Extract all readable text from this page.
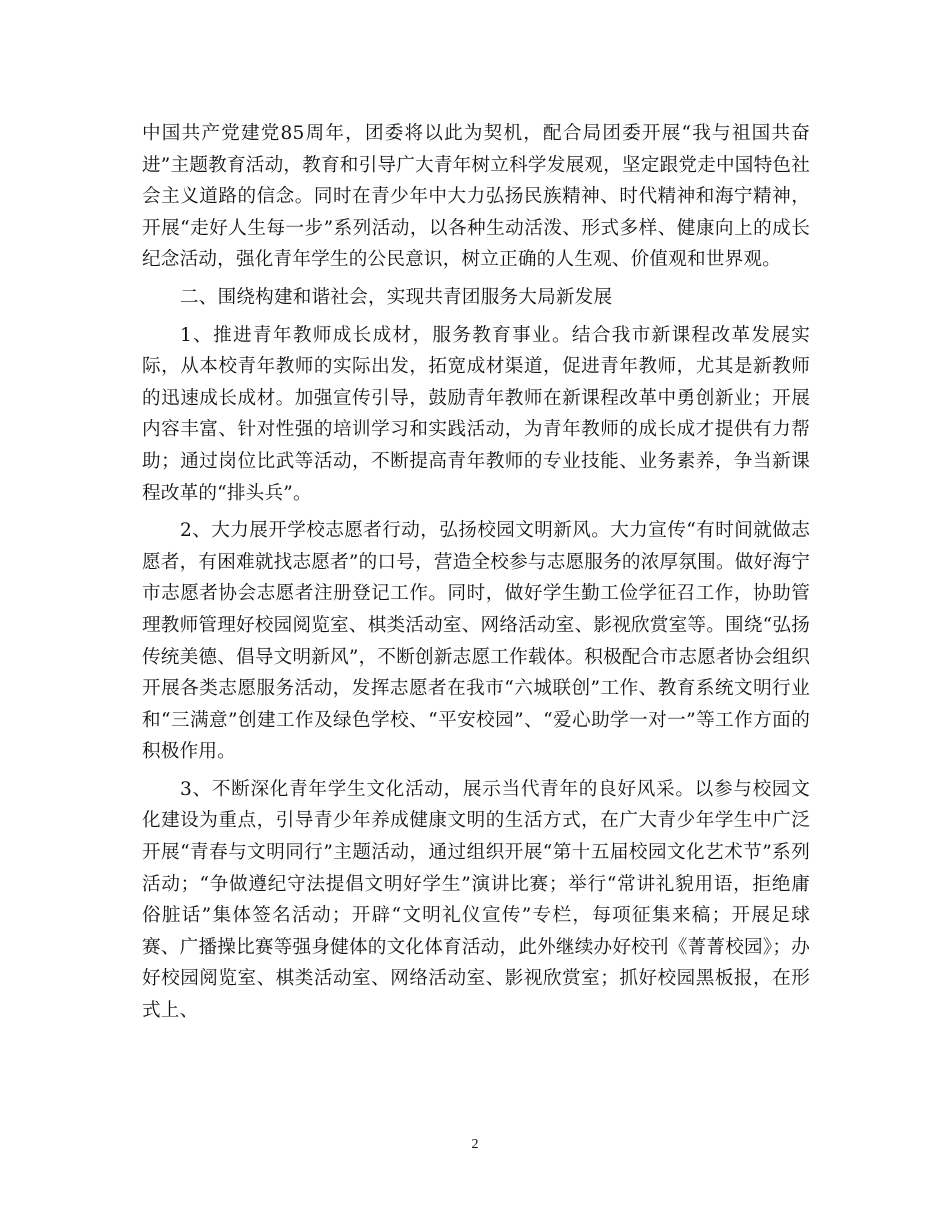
中国共产党建党85周年，团委将以此为契机，配合局团委开展“我与祖国共奋进”主题教育活动，教育和引导广大青年树立科学发展观，坚定跟党走中国特色社会主义道路的信念。同时在青少年中大力弘扬民族精神、时代精神和海宁精神，开展“走好人生每一步”系列活动，以各种生动活泼、形式多样、健康向上的成长纪念活动，强化青年学生的公民意识，树立正确的人生观、价值观和世界观。

二、围绕构建和谐社会，实现共青团服务大局新发展

1、推进青年教师成长成材，服务教育事业。结合我市新课程改革发展实际，从本校青年教师的实际出发，拓宽成材渠道，促进青年教师，尤其是新教师的迅速成长成材。加强宣传引导，鼓励青年教师在新课程改革中勇创新业；开展内容丰富、针对性强的培训学习和实践活动，为青年教师的成长成才提供有力帮助；通过岗位比武等活动，不断提高青年教师的专业技能、业务素养，争当新课程改革的“排头兵”。

2、大力展开学校志愿者行动，弘扬校园文明新风。大力宣传“有时间就做志愿者，有困难就找志愿者”的口号，营造全校参与志愿服务的浓厚氛围。做好海宁市志愿者协会志愿者注册登记工作。同时，做好学生勤工俭学征召工作，协助管理教师管理好校园阅览室、棋类活动室、网络活动室、影视欣赏室等。围绕“弘扬传统美德、倡导文明新风”，不断创新志愿工作载体。积极配合市志愿者协会组织开展各类志愿服务活动，发挥志愿者在我市“六城联创”工作、教育系统文明行业和“三满意”创建工作及绿色学校、“平安校园”、“爱心助学一对一”等工作方面的积极作用。

3、不断深化青年学生文化活动，展示当代青年的良好风采。以参与校园文化建设为重点，引导青少年养成健康文明的生活方式，在广大青少年学生中广泛开展“青春与文明同行”主题活动，通过组织开展“第十五届校园文化艺术节”系列活动；“争做遵纪守法提倡文明好学生”演讲比赛；举行“常讲礼貌用语，拒绝庸俗脏话”集体签名活动；开辟“文明礼仪宣传”专栏，每项征集来稿；开展足球赛、广播操比赛等强身健体的文化体育活动，此外继续办好校刊《菁菁校园》；办好校园阅览室、棋类活动室、网络活动室、影视欣赏室；抓好校园黑板报，在形式上、

2
